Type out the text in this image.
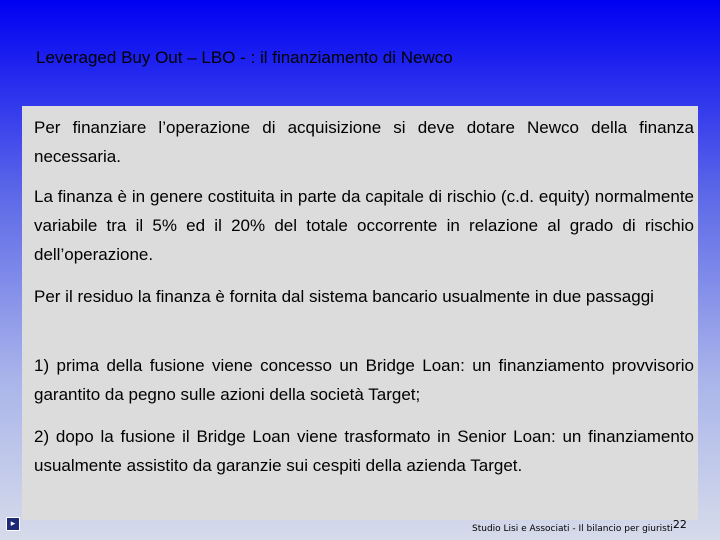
Leveraged Buy Out – LBO - : il finanziamento di Newco

Per finanziare l’operazione di acquisizione si deve dotare Newco della finanza necessaria.

La finanza è in genere costituita in parte da capitale di rischio (c.d. equity) normalmente variabile tra il 5% ed il 20% del totale occorrente in relazione al grado di rischio dell’operazione.

Per il residuo la finanza è fornita dal sistema bancario usualmente in due passaggi

1) prima della fusione viene concesso un Bridge Loan: un finanziamento provvisorio garantito da pegno sulle azioni della società Target;

2) dopo la fusione il Bridge Loan viene trasformato in Senior Loan: un finanziamento usualmente assistito da garanzie sui cespiti della azienda Target.

▸	Studio Lisi e Associati - Il bilancio per giuristi22
